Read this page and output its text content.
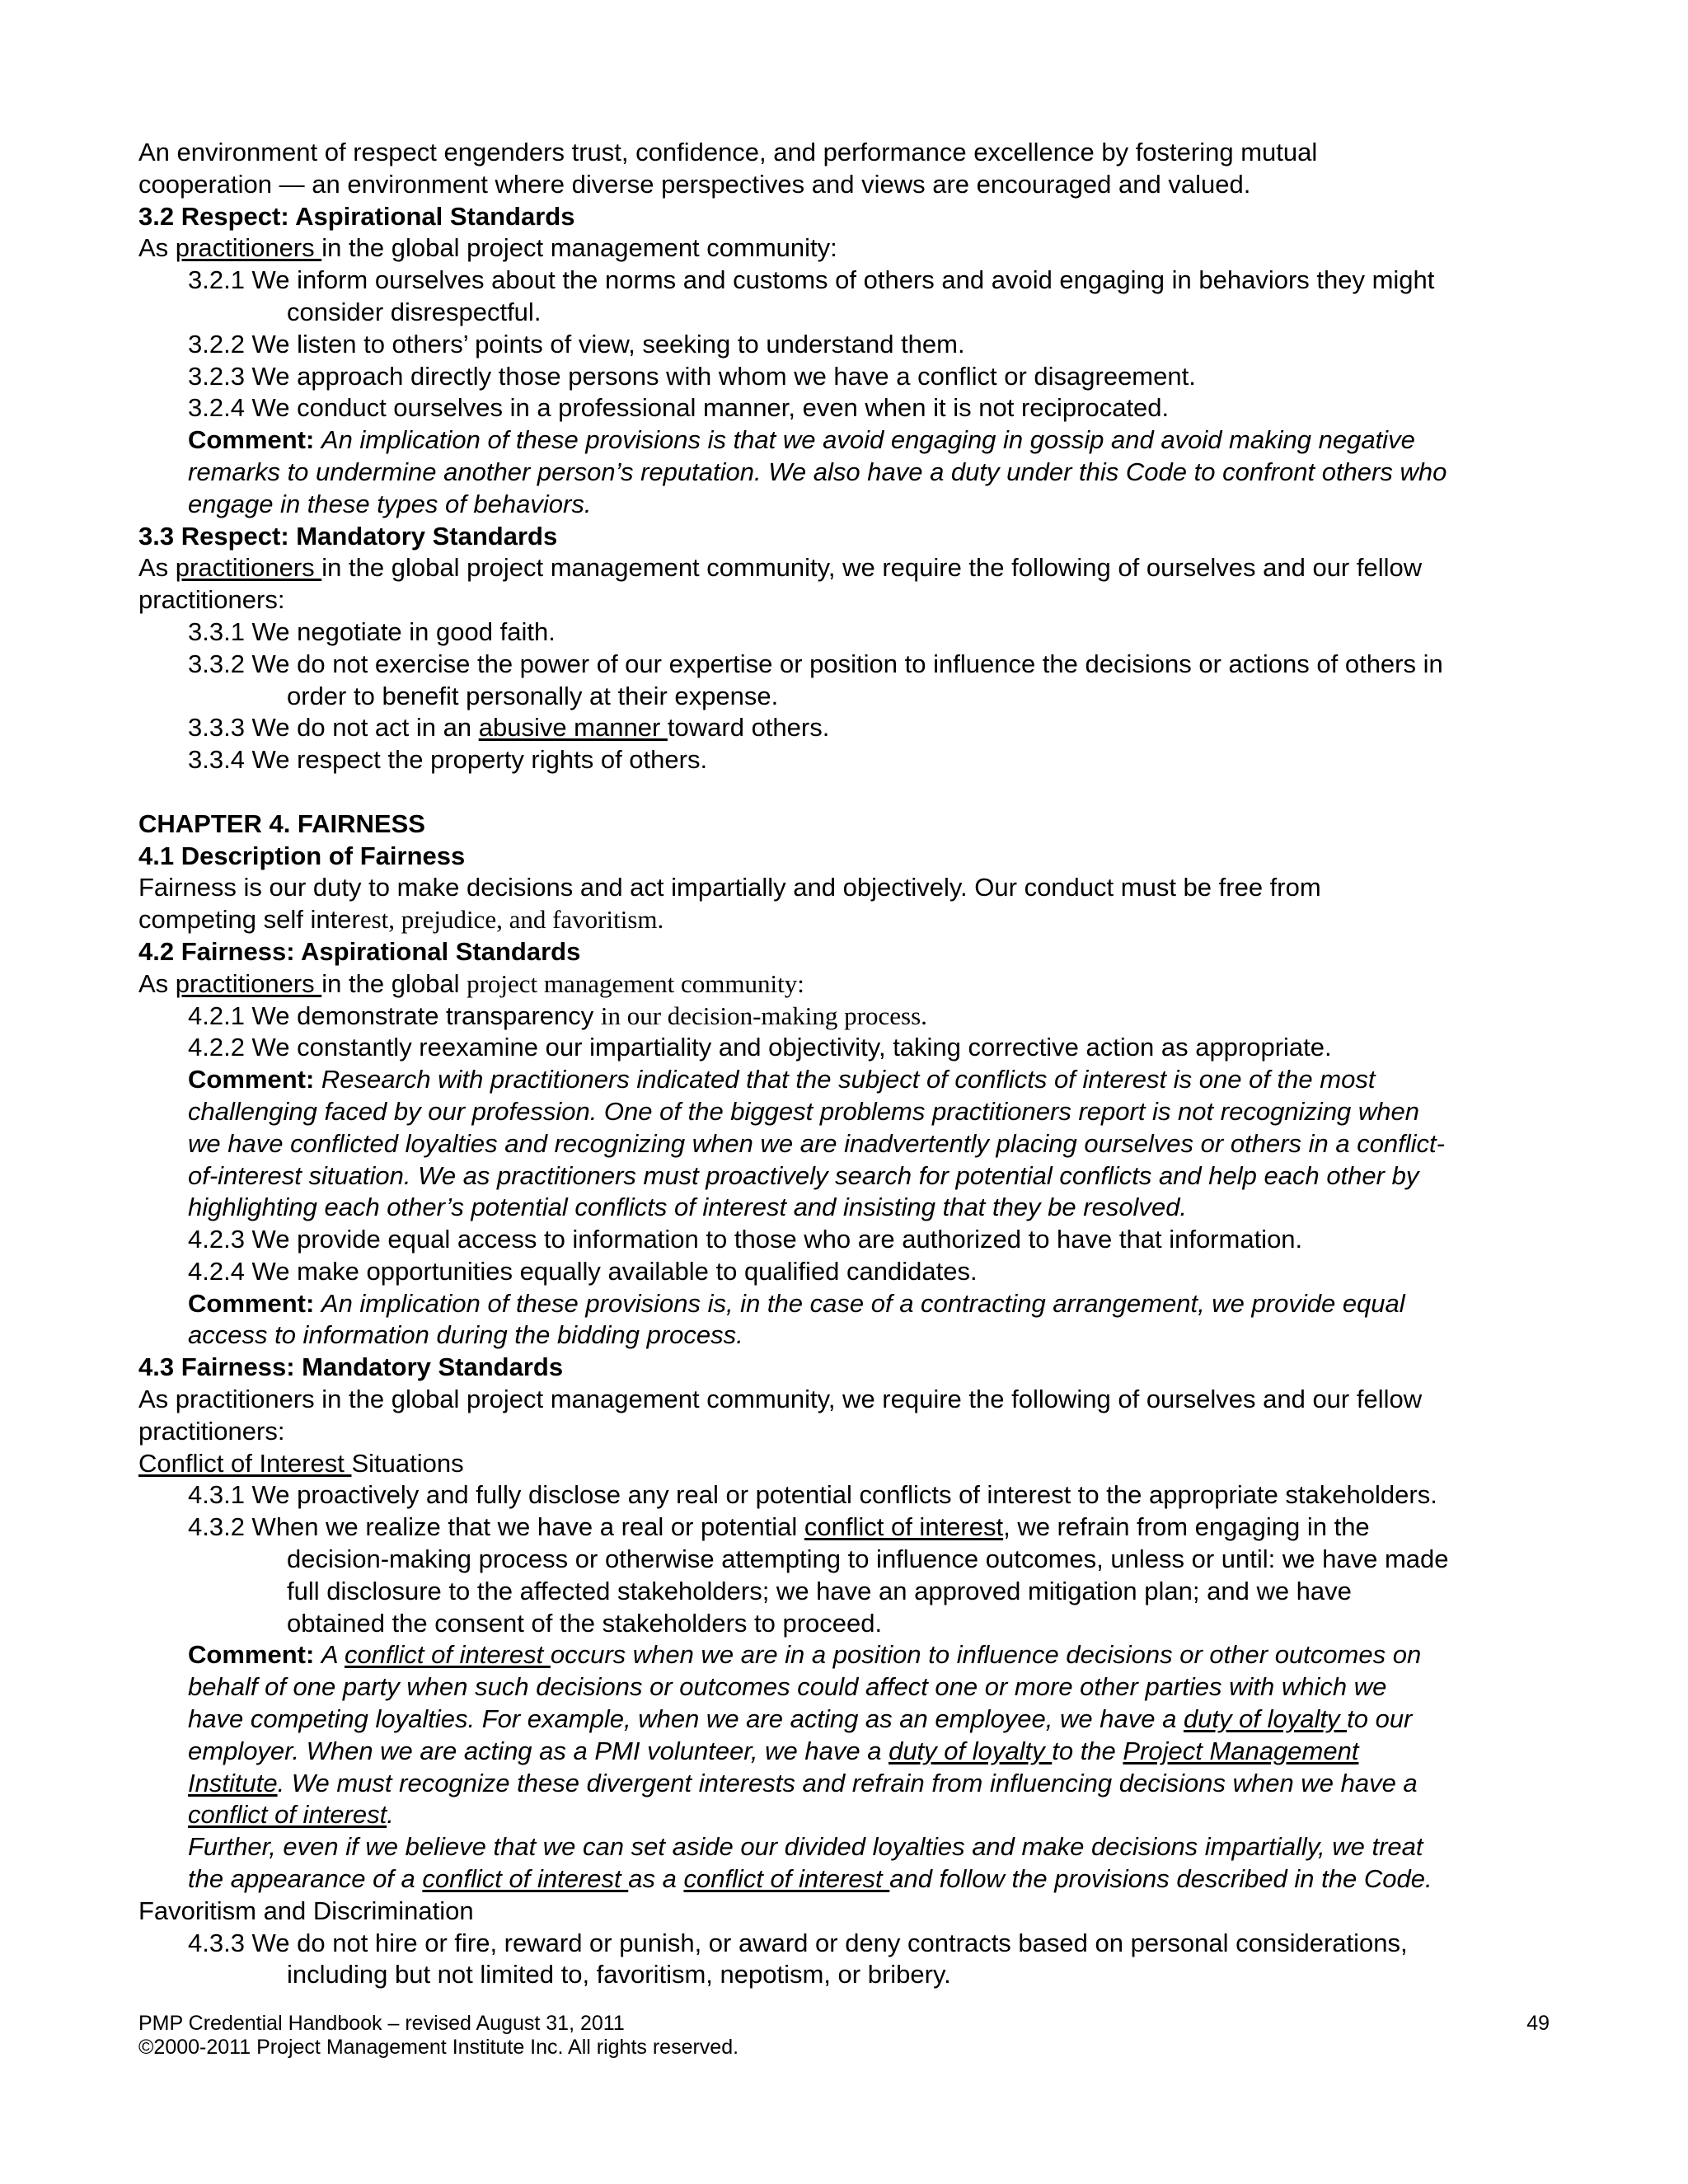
An environment of respect engenders trust, confidence, and performance excellence by fostering mutual
cooperation — an environment where diverse perspectives and views are encouraged and valued.
3.2 Respect: Aspirational Standards
As practitioners in the global project management community:
3.2.1 We inform ourselves about the norms and customs of others and avoid engaging in behaviors they might
consider disrespectful.
3.2.2 We listen to others’ points of view, seeking to understand them.
3.2.3 We approach directly those persons with whom we have a conflict or disagreement.
3.2.4 We conduct ourselves in a professional manner, even when it is not reciprocated.
Comment: An implication of these provisions is that we avoid engaging in gossip and avoid making negative
remarks to undermine another person’s reputation. We also have a duty under this Code to confront others who
engage in these types of behaviors.
3.3 Respect: Mandatory Standards
As practitioners in the global project management community, we require the following of ourselves and our fellow
practitioners:
3.3.1 We negotiate in good faith.
3.3.2 We do not exercise the power of our expertise or position to influence the decisions or actions of others in
order to benefit personally at their expense.
3.3.3 We do not act in an abusive manner toward others.
3.3.4 We respect the property rights of others.
CHAPTER 4. FAIRNESS
4.1 Description of Fairness
Fairness is our duty to make decisions and act impartially and objectively. Our conduct must be free from
competing self interest, prejudice, and favoritism.
4.2 Fairness: Aspirational Standards
As practitioners in the global project management community:
4.2.1 We demonstrate transparency in our decision-making process.
4.2.2 We constantly reexamine our impartiality and objectivity, taking corrective action as appropriate.
Comment: Research with practitioners indicated that the subject of conflicts of interest is one of the most
challenging faced by our profession. One of the biggest problems practitioners report is not recognizing when
we have conflicted loyalties and recognizing when we are inadvertently placing ourselves or others in a conflict-
of-interest situation. We as practitioners must proactively search for potential conflicts and help each other by
highlighting each other’s potential conflicts of interest and insisting that they be resolved.
4.2.3 We provide equal access to information to those who are authorized to have that information.
4.2.4 We make opportunities equally available to qualified candidates.
Comment: An implication of these provisions is, in the case of a contracting arrangement, we provide equal
access to information during the bidding process.
4.3 Fairness: Mandatory Standards
As practitioners in the global project management community, we require the following of ourselves and our fellow
practitioners:
Conflict of Interest Situations
4.3.1 We proactively and fully disclose any real or potential conflicts of interest to the appropriate stakeholders.
4.3.2 When we realize that we have a real or potential conflict of interest, we refrain from engaging in the
decision-making process or otherwise attempting to influence outcomes, unless or until: we have made
full disclosure to the affected stakeholders; we have an approved mitigation plan; and we have
obtained the consent of the stakeholders to proceed.
Comment: A conflict of interest occurs when we are in a position to influence decisions or other outcomes on
behalf of one party when such decisions or outcomes could affect one or more other parties with which we
have competing loyalties. For example, when we are acting as an employee, we have a duty of loyalty to our
employer. When we are acting as a PMI volunteer, we have a duty of loyalty to the Project Management
Institute. We must recognize these divergent interests and refrain from influencing decisions when we have a
conflict of interest.
Further, even if we believe that we can set aside our divided loyalties and make decisions impartially, we treat
the appearance of a conflict of interest as a conflict of interest and follow the provisions described in the Code.
Favoritism and Discrimination
4.3.3 We do not hire or fire, reward or punish, or award or deny contracts based on personal considerations,
including but not limited to, favoritism, nepotism, or bribery.
PMP Credential Handbook – revised August 31, 2011	49
©2000-2011 Project Management Institute Inc. All rights reserved.
